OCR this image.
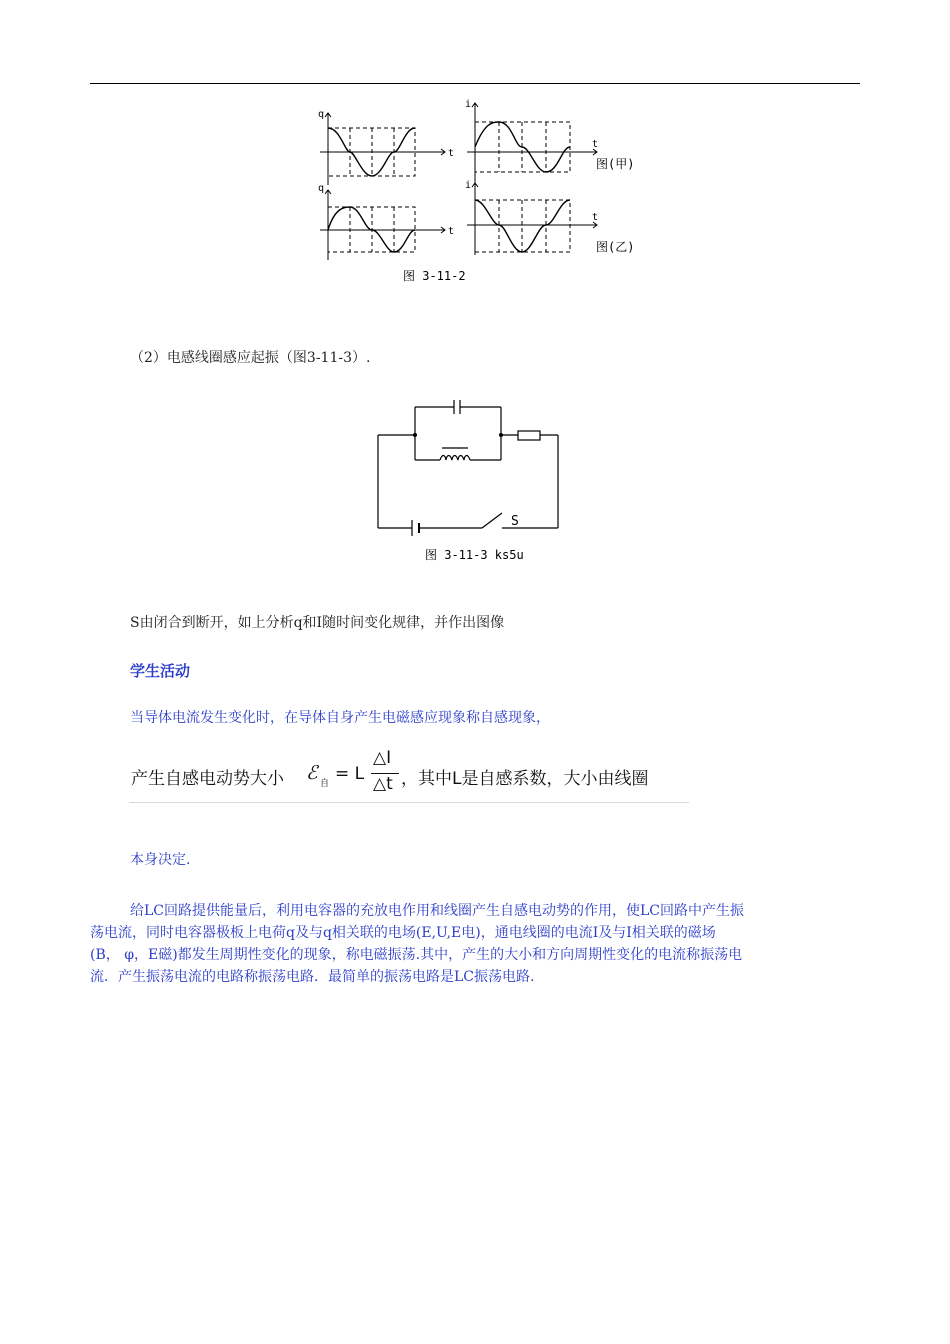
q
t
i
t
q
t
i
t
图(甲)
图(乙)
图 3-11-2
（2）电感线圈感应起振（图3-11-3）.
S
图 3-11-3 ks5u
S由闭合到断开，如上分析q和I随时间变化规律，并作出图像
学生活动
当导体电流发生变化时，在导体自身产生电磁感应现象称自感现象，
产生自感电动势大小 ℰ 自 = L
△I
△t ，其中L是自感系数，大小由线圈
本身决定.
给LC回路提供能量后，利用电容器的充放电作用和线圈产生自感电动势的作用，使LC回路中产生振
荡电流，同时电容器极板上电荷q及与q相关联的电场(E,U,E电)，通电线圈的电流I及与I相关联的磁场
(B， φ，E磁)都发生周期性变化的现象，称电磁振荡.其中，产生的大小和方向周期性变化的电流称振荡电
流．产生振荡电流的电路称振荡电路．最简单的振荡电路是LC振荡电路.
